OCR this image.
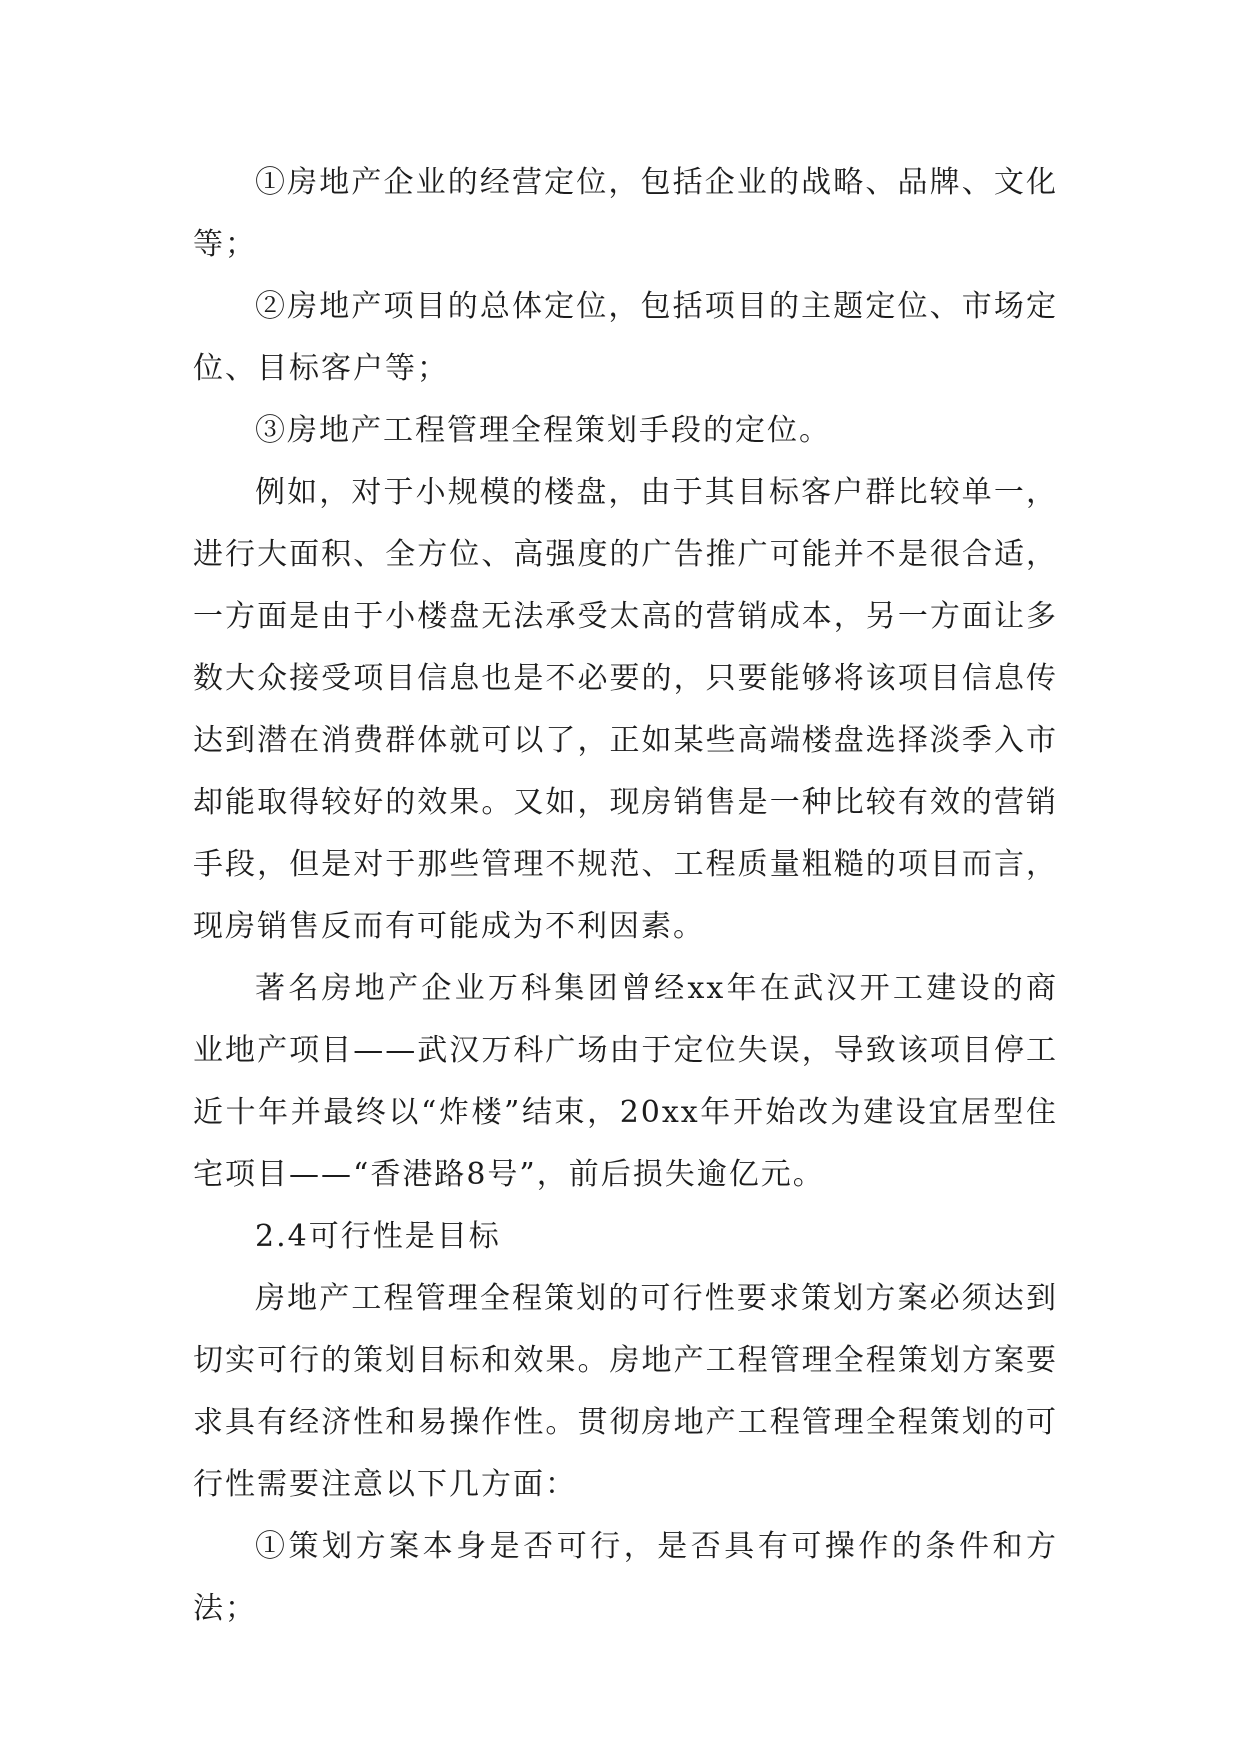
①房地产企业的经营定位，包括企业的战略、品牌、文化等；

②房地产项目的总体定位，包括项目的主题定位、市场定位、目标客户等；

③房地产工程管理全程策划手段的定位。

例如，对于小规模的楼盘，由于其目标客户群比较单一，进行大面积、全方位、高强度的广告推广可能并不是很合适，一方面是由于小楼盘无法承受太高的营销成本，另一方面让多数大众接受项目信息也是不必要的，只要能够将该项目信息传达到潜在消费群体就可以了，正如某些高端楼盘选择淡季入市却能取得较好的效果。又如，现房销售是一种比较有效的营销手段，但是对于那些管理不规范、工程质量粗糙的项目而言，现房销售反而有可能成为不利因素。

著名房地产企业万科集团曾经xx年在武汉开工建设的商业地产项目——武汉万科广场由于定位失误，导致该项目停工近十年并最终以“炸楼”结束，20xx年开始改为建设宜居型住宅项目——“香港路8号”，前后损失逾亿元。

2.4可行性是目标

房地产工程管理全程策划的可行性要求策划方案必须达到切实可行的策划目标和效果。房地产工程管理全程策划方案要求具有经济性和易操作性。贯彻房地产工程管理全程策划的可行性需要注意以下几方面：

①策划方案本身是否可行，是否具有可操作的条件和方法；
